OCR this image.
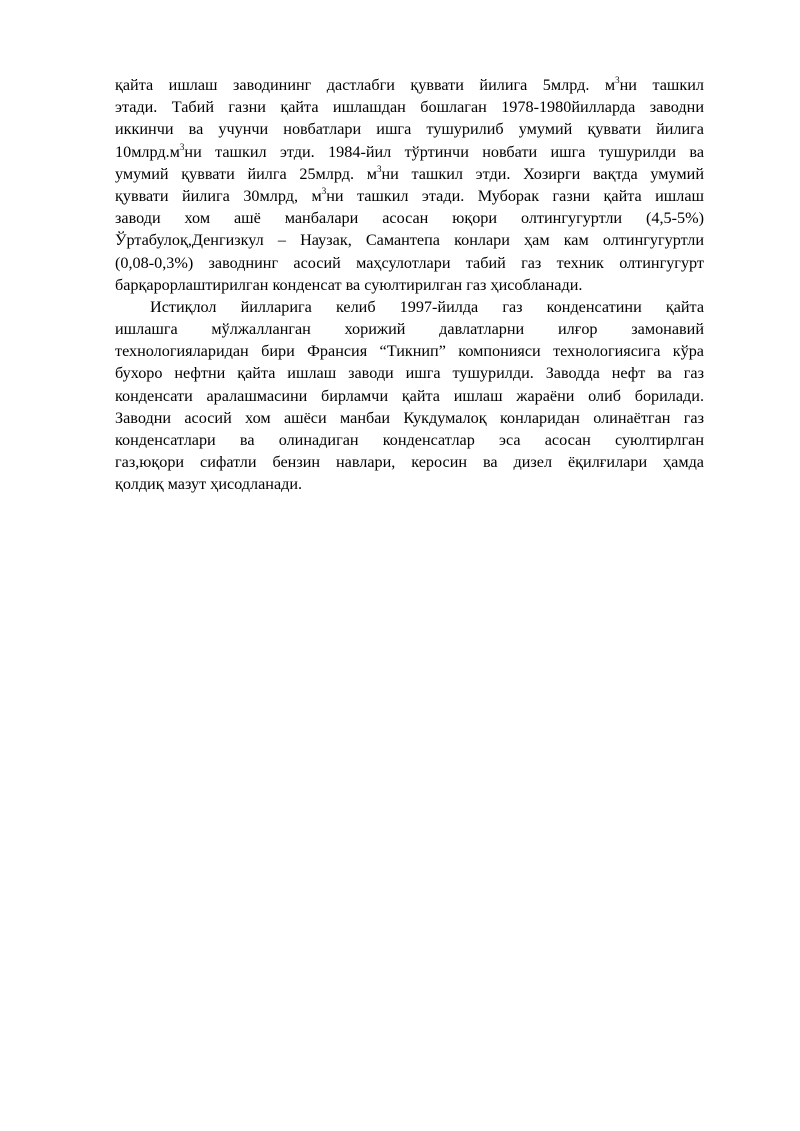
қайта ишлаш заводининг дастлабги қуввати йилига 5млрд. $м^3ни$ ташкил
этади. Табий газни қайта ишлашдан бошлаган 1978-1980йилларда заводни
иккинчи ва учунчи новбатлари ишга тушурилиб умумий қуввати йилига
$10млрд.м^3ни$ ташкил этди. 1984-йил тўртинчи новбати ишга тушурилди ва
умумий қуввати йилга 25млрд. $м^3ни$ ташкил этди. Хозирги вақтда умумий
қуввати йилига 30млрд, $м^3ни$ ташкил этади. Муборак газни қайта ишлаш
заводи хом ашё манбалари асосан юқори олтингугуртли (4,5-5%)
Ўртабулоқ,Денгизкул – Наузак, Самантепа конлари ҳам кам олтингугуртли
(0,08-0,3%) заводнинг асосий маҳсулотлари табий газ техник олтингугурт
барқарорлаштирилган конденсат ва суюлтирилган газ ҳисобланади.
Истиқлол йилларига келиб 1997-йилда газ конденсатини қайта
ишлашга мўлжалланган хорижий давлатларни илғор замонавий
технологияларидан бири Франсия “Тикнип” компонияси технологиясига кўра
бухоро нефтни қайта ишлаш заводи ишга тушурилди. Заводда нефт ва газ
конденсати аралашмасини бирламчи қайта ишлаш жараёни олиб борилади.
Заводни асосий хом ашёси манбаи Кукдумалоқ конларидан олинаётган газ
конденсатлари ва олинадиган конденсатлар эса асосан суюлтирлган
газ,юқори сифатли бензин навлари, керосин ва дизел ёқилғилари ҳамда
қолдиқ мазут ҳисодланади.
